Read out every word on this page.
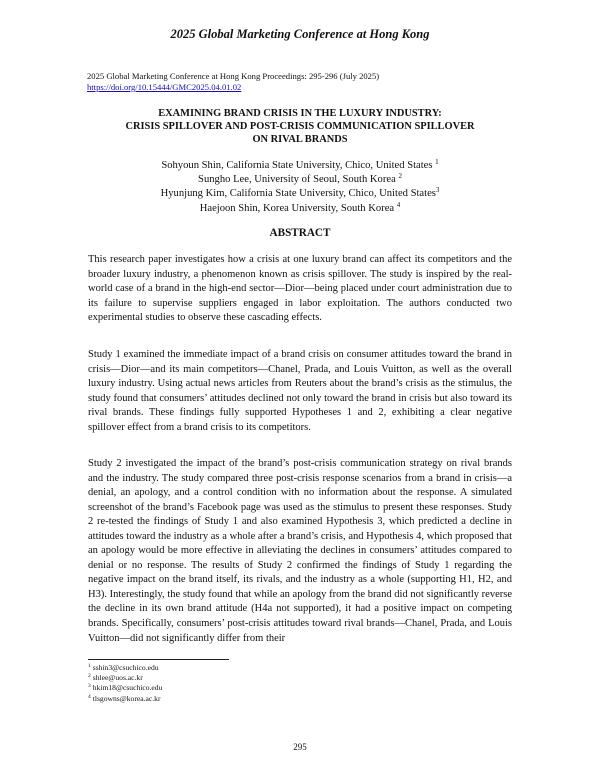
2025 Global Marketing Conference at Hong Kong
2025 Global Marketing Conference at Hong Kong Proceedings: 295-296 (July 2025)
https://doi.org/10.15444/GMC2025.04.01.02
EXAMINING BRAND CRISIS IN THE LUXURY INDUSTRY:
CRISIS SPILLOVER AND POST-CRISIS COMMUNICATION SPILLOVER
ON RIVAL BRANDS
Sohyoun Shin, California State University, Chico, United States $^1$
Sungho Lee, University of Seoul, South Korea $^2$
Hyunjung Kim, California State University, Chico, United States$^3$
Haejoon Shin, Korea University, South Korea $^4$
ABSTRACT

This research paper investigates how a crisis at one luxury brand can affect its competitors and the broader luxury industry, a phenomenon known as crisis spillover. The study is inspired by the real-world case of a brand in the high-end sector—Dior—being placed under court administration due to its failure to supervise suppliers engaged in labor exploitation. The authors conducted two experimental studies to observe these cascading effects.

Study 1 examined the immediate impact of a brand crisis on consumer attitudes toward the brand in crisis—Dior—and its main competitors—Chanel, Prada, and Louis Vuitton, as well as the overall luxury industry. Using actual news articles from Reuters about the brand’s crisis as the stimulus, the study found that consumers’ attitudes declined not only toward the brand in crisis but also toward its rival brands. These findings fully supported Hypotheses 1 and 2, exhibiting a clear negative spillover effect from a brand crisis to its competitors.

Study 2 investigated the impact of the brand’s post-crisis communication strategy on rival brands and the industry. The study compared three post-crisis response scenarios from a brand in crisis—a denial, an apology, and a control condition with no information about the response. A simulated screenshot of the brand’s Facebook page was used as the stimulus to present these responses. Study 2 re-tested the findings of Study 1 and also examined Hypothesis 3, which predicted a decline in attitudes toward the industry as a whole after a brand’s crisis, and Hypothesis 4, which proposed that an apology would be more effective in alleviating the declines in consumers’ attitudes compared to denial or no response. The results of Study 2 confirmed the findings of Study 1 regarding the negative impact on the brand itself, its rivals, and the industry as a whole (supporting H1, H2, and H3). Interestingly, the study found that while an apology from the brand did not significantly reverse the decline in its own brand attitude (H4a not supported), it had a positive impact on competing brands. Specifically, consumers’ post-crisis attitudes toward rival brands—Chanel, Prada, and Louis Vuitton—did not significantly differ from their

$^1$ sshin3@csuchico.edu
$^2$ shlee@uos.ac.kr
$^3$ hkim18@csuchico.edu
$^4$ tlsgowns@korea.ac.kr
295
